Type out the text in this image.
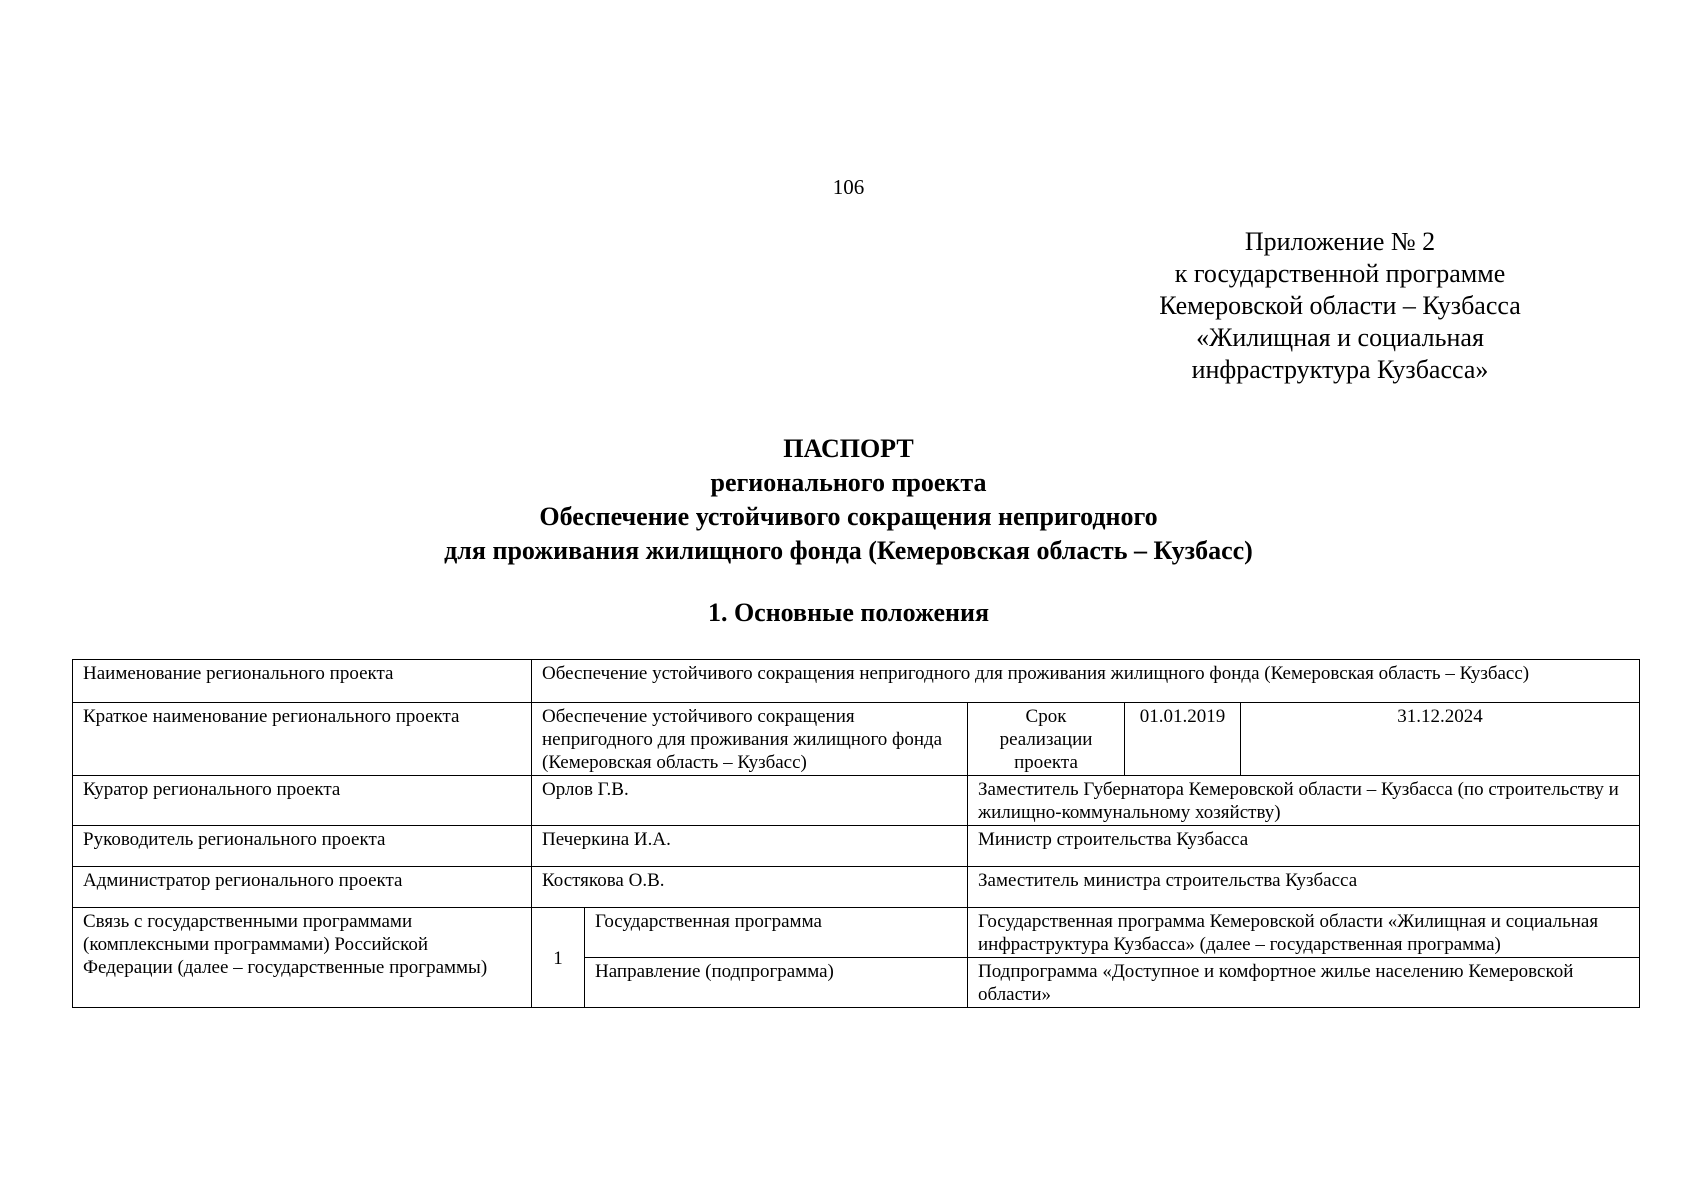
106
Приложение № 2
к государственной программе
Кемеровской области – Кузбасса
«Жилищная и социальная
инфраструктура Кузбасса»
ПАСПОРТ
регионального проекта
Обеспечение устойчивого сокращения непригодного
для проживания жилищного фонда (Кемеровская область – Кузбасс)
1. Основные положения
Наименование регионального проекта	Обеспечение устойчивого сокращения непригодного для проживания жилищного фонда (Кемеровская область – Кузбасс)				
Краткое наименование регионального проекта	Обеспечение устойчивого сокращения непригодного для проживания жилищного фонда (Кемеровская область – Кузбасс)		Срок реализации проекта	01.01.2019	31.12.2024
Куратор регионального проекта	Орлов Г.В.		Заместитель Губернатора Кемеровской области – Кузбасса (по строительству и жилищно-коммунальному хозяйству)		
Руководитель регионального проекта	Печеркина И.А.		Министр строительства Кузбасса		
Администратор регионального проекта	Костякова О.В.		Заместитель министра строительства Кузбасса		
Связь с государственными программами (комплексными программами) Российской Федерации (далее – государственные программы)	1	Государственная программа	Государственная программа Кемеровской области «Жилищная и социальная инфраструктура Кузбасса» (далее – государственная программа)		
		Направление (подпрограмма)	Подпрограмма «Доступное и комфортное жилье населению Кемеровской области»		
